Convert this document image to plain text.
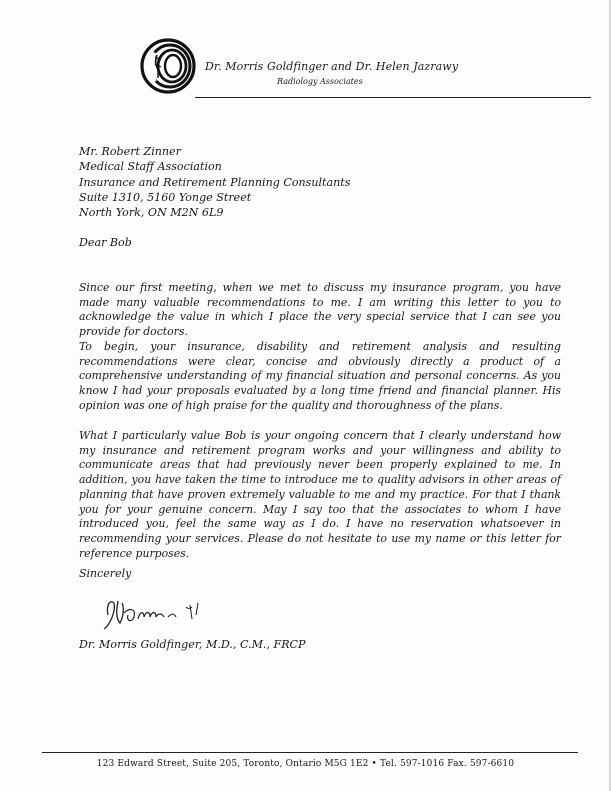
Dr. Morris Goldfinger and Dr. Helen Jazrawy
Radiology Associates
Mr. Robert Zinner
Medical Staff Association
Insurance and Retirement Planning Consultants
Suite 1310, 5160 Yonge Street
North York, ON M2N 6L9
Dear Bob

Since our first meeting, when we met to discuss my insurance program, you have made many valuable recommendations to me. I am writing this letter to you to acknowledge the value in which I place the very special service that I can see you provide for doctors.

To begin, your insurance, disability and retirement analysis and resulting recommendations were clear, concise and obviously directly a product of a comprehensive understanding of my financial situation and personal concerns. As you know I had your proposals evaluated by a long time friend and financial planner. His opinion was one of high praise for the quality and thoroughness of the plans.

What I particularly value Bob is your ongoing concern that I clearly understand how my insurance and retirement program works and your willingness and ability to communicate areas that had previously never been properly explained to me. In addition, you have taken the time to introduce me to quality advisors in other areas of planning that have proven extremely valuable to me and my practice. For that I thank you for your genuine concern. May I say too that the associates to whom I have introduced you, feel the same way as I do. I have no reservation whatsoever in recommending your services. Please do not hesitate to use my name or this letter for reference purposes.

Sincerely
Dr. Morris Goldfinger, M.D., C.M., FRCP
123 Edward Street, Suite 205, Toronto, Ontario M5G 1E2 • Tel. 597-1016 Fax. 597-6610
